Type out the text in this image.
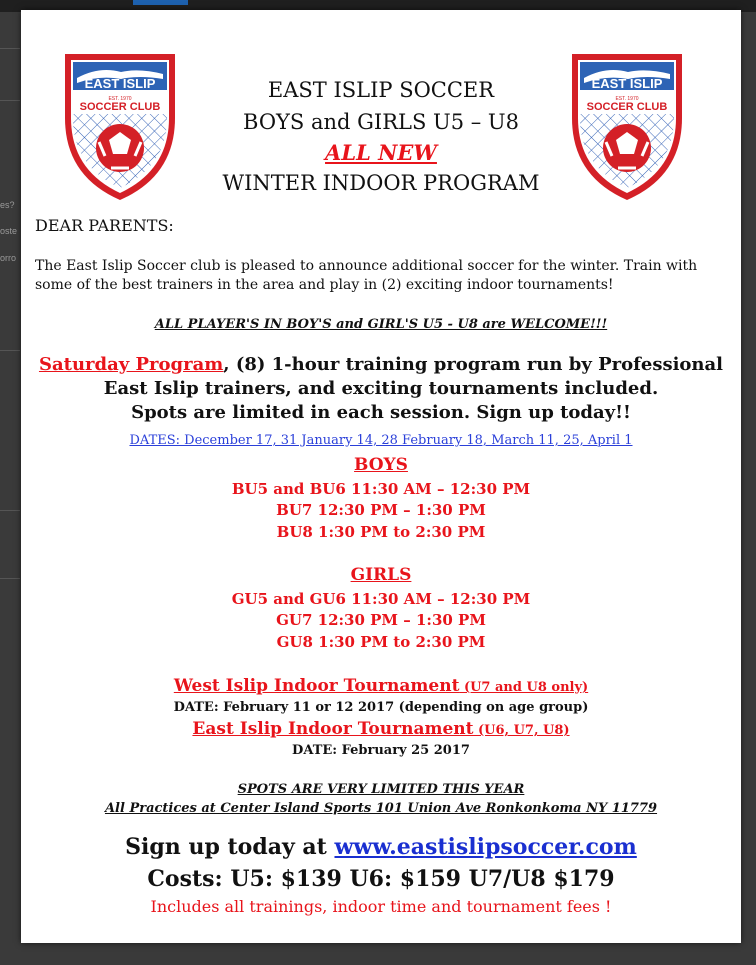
es?
oste
orro
EAST ISLIP
EST. 1970
SOCCER CLUB
EAST ISLIP
EST. 1970
SOCCER CLUB
EAST ISLIP SOCCER
BOYS and GIRLS U5 – U8
ALL NEW
WINTER INDOOR PROGRAM
DEAR PARENTS:
The East Islip Soccer club is pleased to announce additional soccer for the winter. Train with
some of the best trainers in the area and play in (2) exciting indoor tournaments!
ALL PLAYER'S IN BOY'S and GIRL'S U5 - U8 are WELCOME!!!
Saturday Program, (8) 1-hour training program run by Professional
East Islip trainers, and exciting tournaments included.
Spots are limited in each session. Sign up today!!
DATES: December 17, 31 January 14, 28 February 18, March 11, 25, April 1
BOYS
BU5 and BU6 11:30 AM – 12:30 PM
BU7 12:30 PM – 1:30 PM
BU8 1:30 PM to 2:30 PM
GIRLS
GU5 and GU6 11:30 AM – 12:30 PM
GU7 12:30 PM – 1:30 PM
GU8 1:30 PM to 2:30 PM
West Islip Indoor Tournament (U7 and U8 only)
DATE: February 11 or 12 2017 (depending on age group)
East Islip Indoor Tournament (U6, U7, U8)
DATE: February 25 2017
SPOTS ARE VERY LIMITED THIS YEAR
All Practices at Center Island Sports 101 Union Ave Ronkonkoma NY 11779
Sign up today at www.eastislipsoccer.com
Costs: U5: $139 U6: $159 U7/U8 $179
Includes all trainings, indoor time and tournament fees !
